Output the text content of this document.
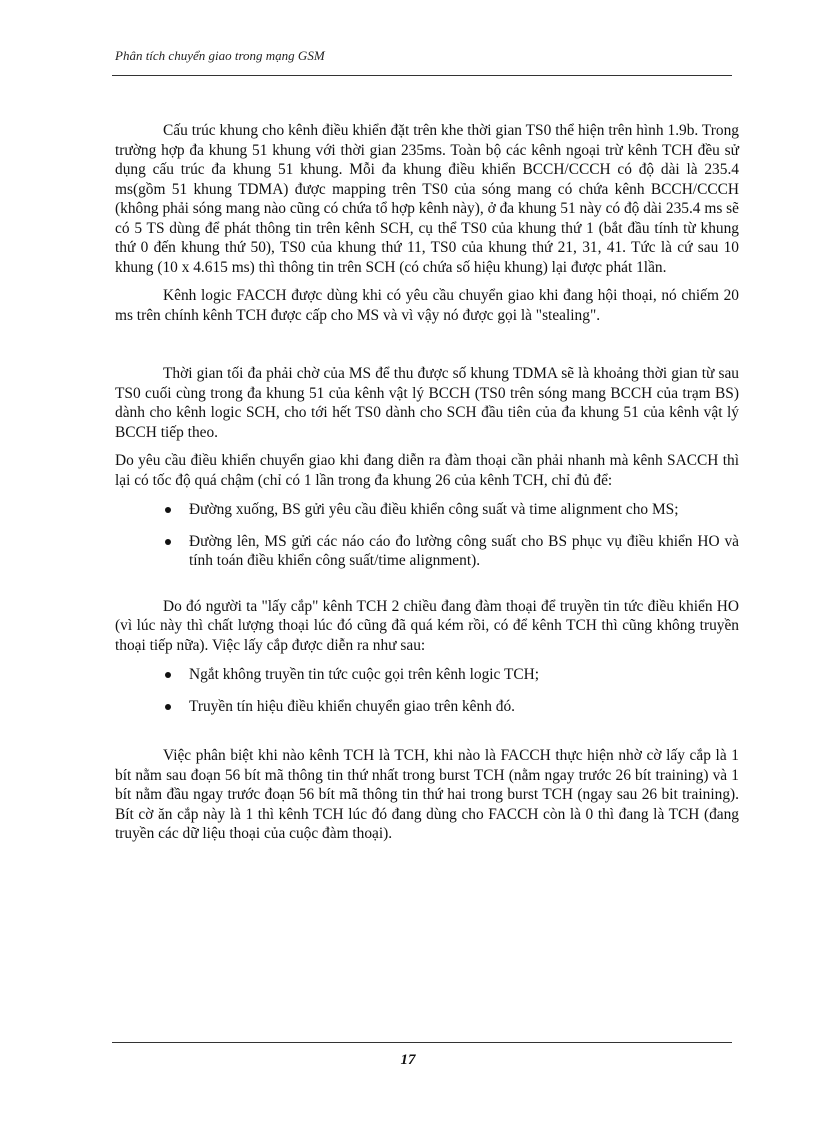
Phân tích chuyển giao trong mạng GSM

Cấu trúc khung cho kênh điều khiển đặt trên khe thời gian TS0 thể hiện trên hình 1.9b. Trong trường hợp đa khung 51 khung với thời gian 235ms. Toàn bộ các kênh ngoại trừ kênh TCH đều sử dụng cấu trúc đa khung 51 khung. Mỗi đa khung điều khiển BCCH/CCCH có độ dài là 235.4 ms(gồm 51 khung TDMA) được mapping trên TS0 của sóng mang có chứa kênh BCCH/CCCH (không phải sóng mang nào cũng có chứa tổ hợp kênh này), ở đa khung 51 này có độ dài 235.4 ms sẽ có 5 TS dùng để phát thông tin trên kênh SCH, cụ thể TS0 của khung thứ 1 (bắt đầu tính từ khung thứ 0 đến khung thứ 50), TS0 của khung thứ 11, TS0 của khung thứ 21, 31, 41. Tức là cứ sau 10 khung (10 x 4.615 ms) thì thông tin trên SCH (có chứa số hiệu khung) lại được phát 1lần.

Kênh logic FACCH được dùng khi có yêu cầu chuyển giao khi đang hội thoại, nó chiếm 20 ms trên chính kênh TCH được cấp cho MS và vì vậy nó được gọi là "stealing".

Thời gian tối đa phải chờ của MS để thu được số khung TDMA sẽ là khoảng thời gian từ sau TS0 cuối cùng trong đa khung 51 của kênh vật lý BCCH (TS0 trên sóng mang BCCH của trạm BS) dành cho kênh logic SCH, cho tới hết TS0 dành cho SCH đầu tiên của đa khung 51 của kênh vật lý BCCH tiếp theo.

Do yêu cầu điều khiển chuyển giao khi đang diễn ra đàm thoại cần phải nhanh mà kênh SACCH thì lại có tốc độ quá chậm (chỉ có 1 lần trong đa khung 26 của kênh TCH, chỉ đủ để:

Đường xuống, BS gửi yêu cầu điều khiển công suất và time alignment cho MS;
Đường lên, MS gửi các náo cáo đo lường công suất cho BS phục vụ điều khiển HO và tính toán điều khiển công suất/time alignment).

Do đó người ta "lấy cắp" kênh TCH 2 chiều đang đàm thoại để truyền tin tức điều khiển HO (vì lúc này thì chất lượng thoại lúc đó cũng đã quá kém rồi, có để kênh TCH thì cũng không truyền thoại tiếp nữa). Việc lấy cắp được diễn ra như sau:

Ngắt không truyền tin tức cuộc gọi trên kênh logic TCH;
Truyền tín hiệu điều khiển chuyển giao trên kênh đó.

Việc phân biệt khi nào kênh TCH là TCH, khi nào là FACCH thực hiện nhờ cờ lấy cắp là 1 bít nằm sau đoạn 56 bít mã thông tin thứ nhất trong burst TCH (nằm ngay trước 26 bít training) và 1 bít nằm đầu ngay trước đoạn 56 bít mã thông tin thứ hai trong burst TCH (ngay sau 26 bit training). Bít cờ ăn cắp này là 1 thì kênh TCH lúc đó đang dùng cho FACCH còn là 0 thì đang là TCH (đang truyền các dữ liệu thoại của cuộc đàm thoại).

17
